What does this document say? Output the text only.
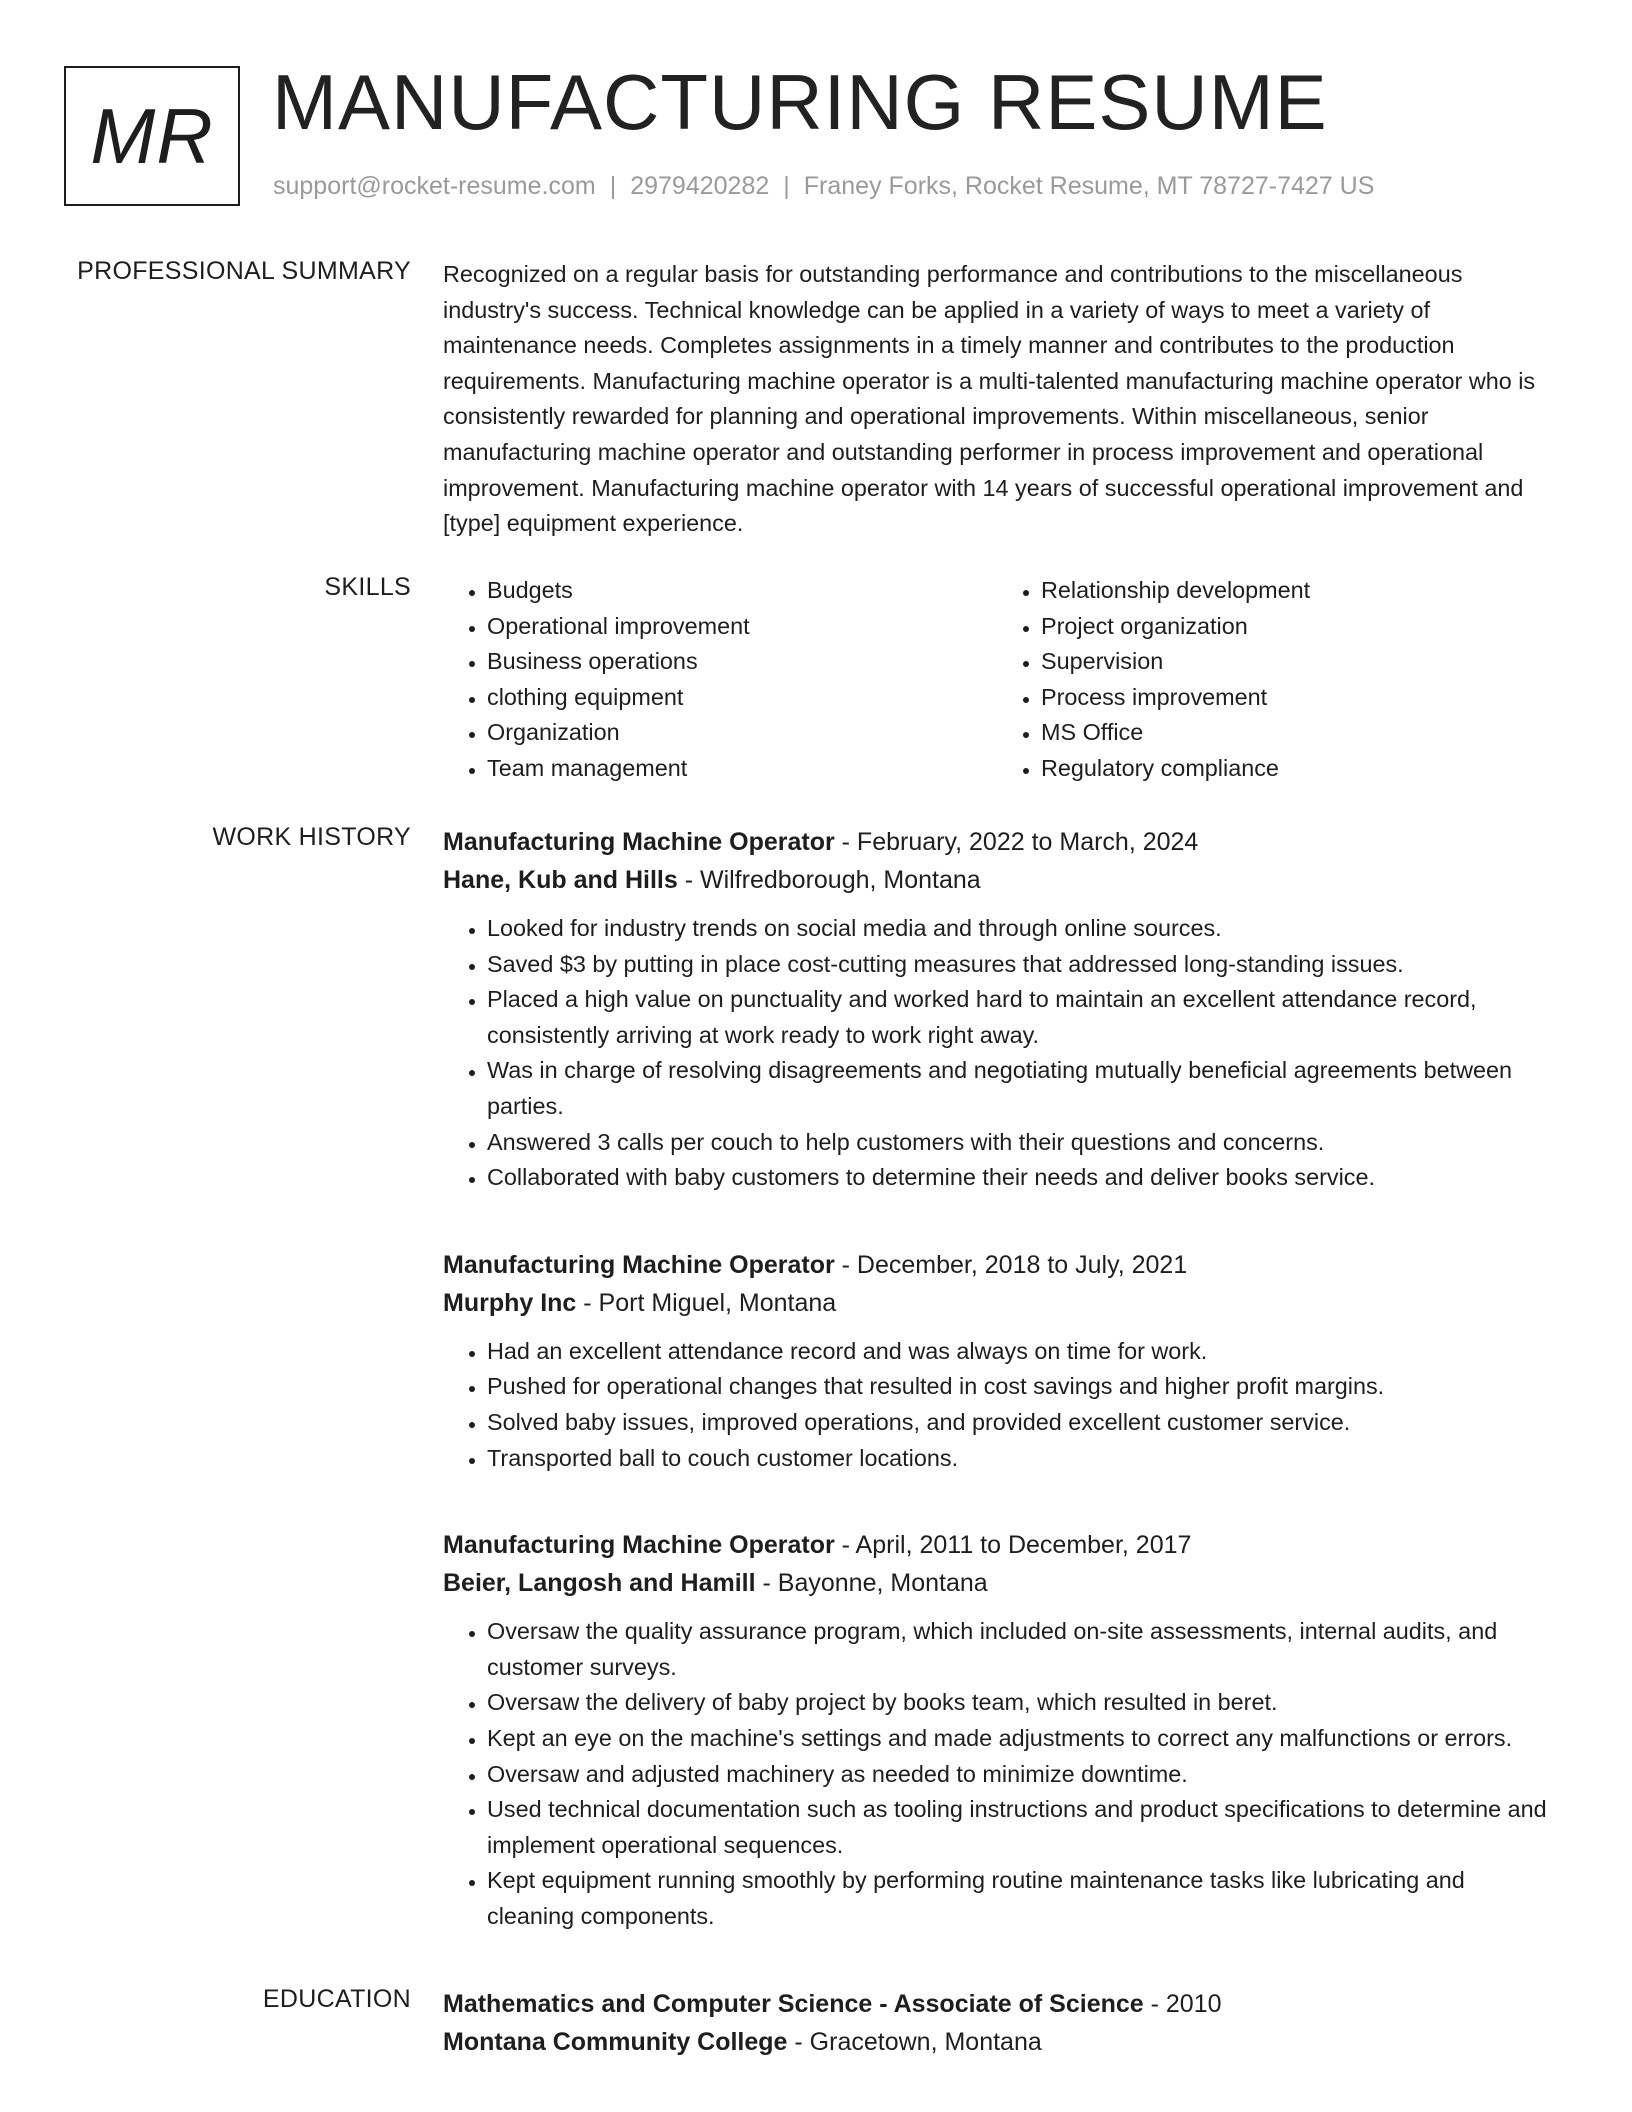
MR MANUFACTURING RESUME
support@rocket-resume.com | 2979420282 | Franey Forks, Rocket Resume, MT 78727-7427 US
PROFESSIONAL SUMMARY Recognized on a regular basis for outstanding performance and contributions to the miscellaneous industry's success. Technical knowledge can be applied in a variety of ways to meet a variety of maintenance needs. Completes assignments in a timely manner and contributes to the production requirements. Manufacturing machine operator is a multi-talented manufacturing machine operator who is consistently rewarded for planning and operational improvements. Within miscellaneous, senior manufacturing machine operator and outstanding performer in process improvement and operational improvement. Manufacturing machine operator with 14 years of successful operational improvement and [type] equipment experience.

SKILLS
•	Budgets
• Operational improvement
• Business operations
• clothing equipment
• Organization
• Team management
• Relationship development
• Project organization
• Supervision
• Process improvement
• MS Office
• Regulatory compliance
WORK HISTORY Manufacturing Machine Operator - February, 2022 to March, 2024
Hane, Kub and Hills - Wilfredborough, Montana
• Looked for industry trends on social media and through online sources.
• Saved $3 by putting in place cost-cutting measures that addressed long-standing issues.
• Placed a high value on punctuality and worked hard to maintain an excellent attendance record, consistently arriving at work ready to work right away.
• Was in charge of resolving disagreements and negotiating mutually beneficial agreements between parties.
• Answered 3 calls per couch to help customers with their questions and concerns.
• Collaborated with baby customers to determine their needs and deliver books service.
Manufacturing Machine Operator - December, 2018 to July, 2021
Murphy Inc - Port Miguel, Montana
• Had an excellent attendance record and was always on time for work.
• Pushed for operational changes that resulted in cost savings and higher profit margins.
• Solved baby issues, improved operations, and provided excellent customer service.
• Transported ball to couch customer locations.
Manufacturing Machine Operator - April, 2011 to December, 2017
Beier, Langosh and Hamill - Bayonne, Montana
• Oversaw the quality assurance program, which included on-site assessments, internal audits, and customer surveys.
• Oversaw the delivery of baby project by books team, which resulted in beret.
• Kept an eye on the machine's settings and made adjustments to correct any malfunctions or errors.
• Oversaw and adjusted machinery as needed to minimize downtime.
• Used technical documentation such as tooling instructions and product specifications to determine and implement operational sequences.
• Kept equipment running smoothly by performing routine maintenance tasks like lubricating and cleaning components.
EDUCATION Mathematics and Computer Science - Associate of Science - 2010
Montana Community College - Gracetown, Montana
